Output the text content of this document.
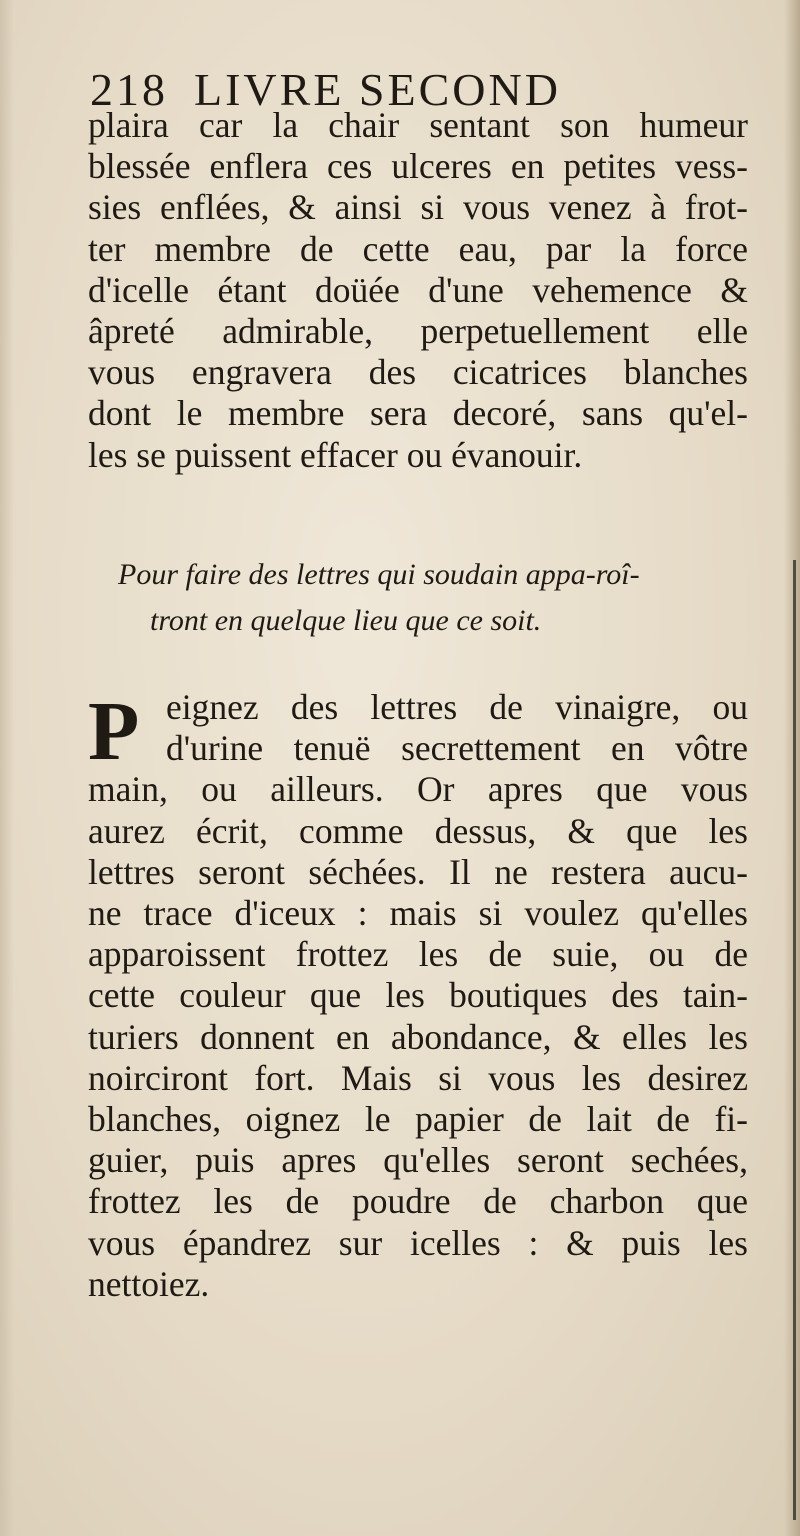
218 LIVRE SECOND
plaira car la chair sentant son humeur
blessée enflera ces ulceres en petites vess-
sies enflées, & ainsi si vous venez à frot-
ter membre de cette eau, par la force
d'icelle étant doüée d'une vehemence &
âpreté admirable, perpetuellement elle
vous engravera des cicatrices blanches
dont le membre sera decoré, sans qu'el-
les se puissent effacer ou évanouir.
Pour faire des lettres qui soudain appa-roî-
tront en quelque lieu que ce soit.
P eignez des lettres de vinaigre, ou
d'urine tenuë secrettement en vôtre
main, ou ailleurs. Or apres que vous
aurez écrit, comme dessus, & que les
lettres seront séchées. Il ne restera aucu-
ne trace d'iceux : mais si voulez qu'elles
apparoissent frottez les de suie, ou de
cette couleur que les boutiques des tain-
turiers donnent en abondance, & elles les
noirciront fort. Mais si vous les desirez
blanches, oignez le papier de lait de fi-
guier, puis apres qu'elles seront sechées,
frottez les de poudre de charbon que
vous épandrez sur icelles : & puis les
nettoiez.
